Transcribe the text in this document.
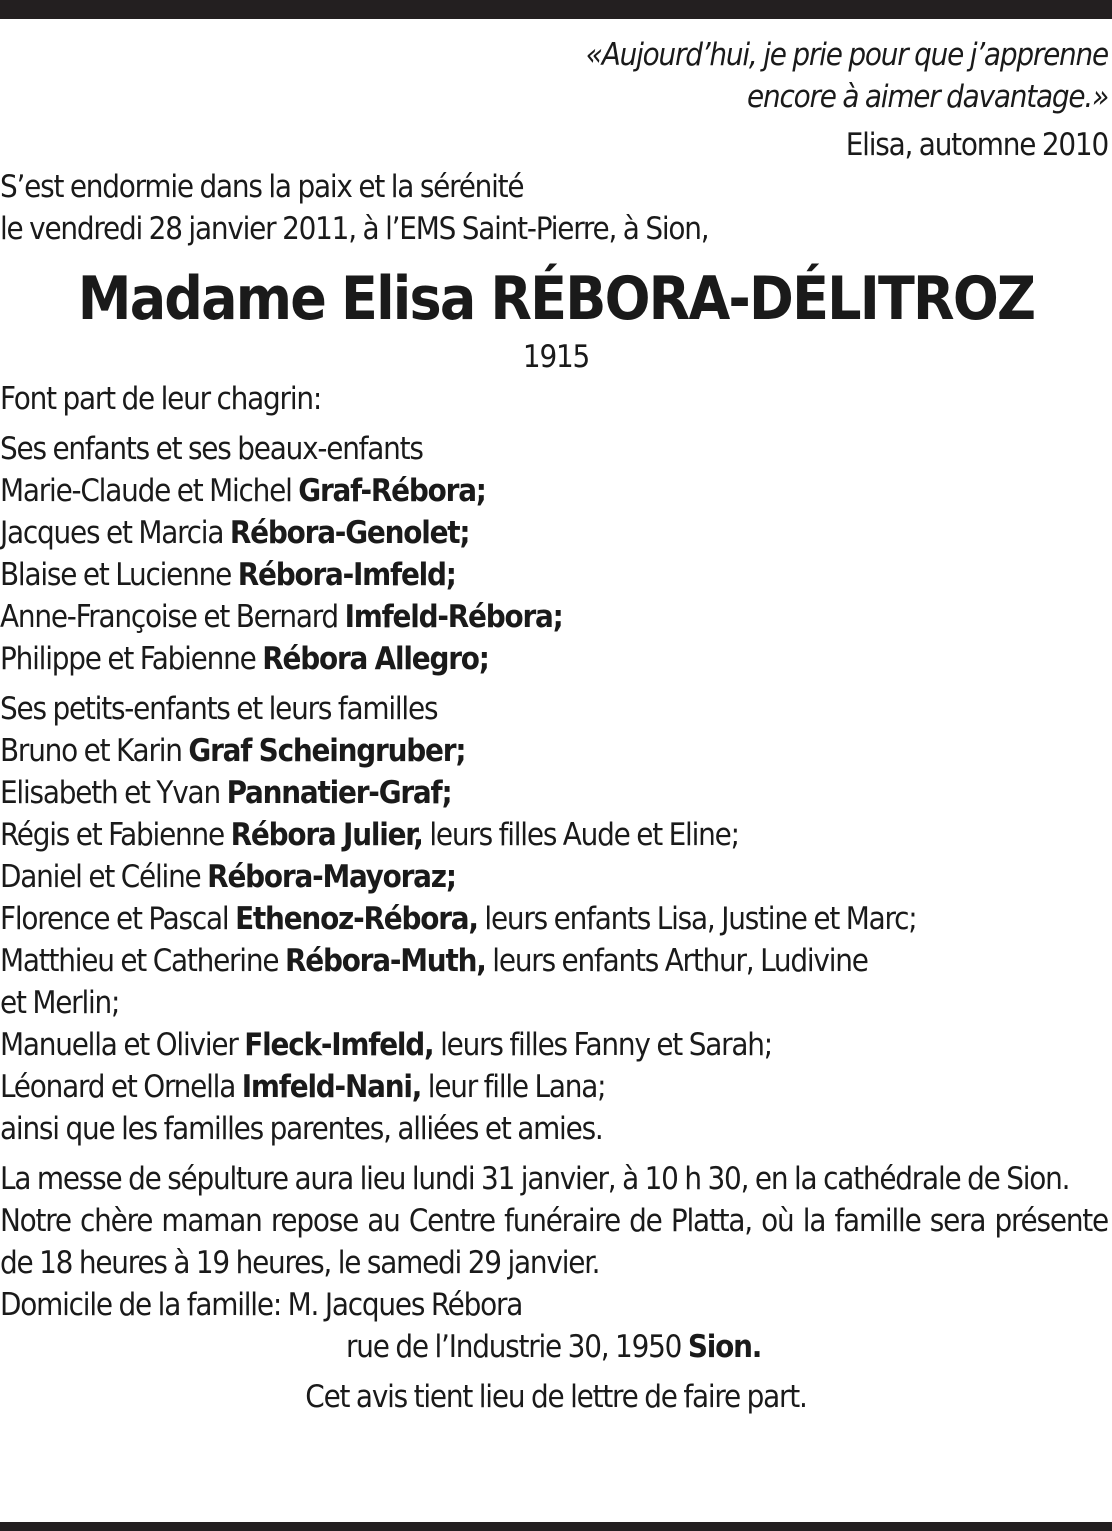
«Aujourd’hui, je prie pour que j’apprenne
encore à aimer davantage.»
Elisa, automne 2010
S’est endormie dans la paix et la sérénité
le vendredi 28 janvier 2011, à l’EMS Saint-Pierre, à Sion,
Madame Elisa RÉBORA-DÉLITROZ
1915
Font part de leur chagrin:
Ses enfants et ses beaux-enfants
Marie-Claude et Michel Graf-Rébora;
Jacques et Marcia Rébora-Genolet;
Blaise et Lucienne Rébora-Imfeld;
Anne-Françoise et Bernard Imfeld-Rébora;
Philippe et Fabienne Rébora Allegro;
Ses petits-enfants et leurs familles
Bruno et Karin Graf Scheingruber;
Elisabeth et Yvan Pannatier-Graf;
Régis et Fabienne Rébora Julier, leurs filles Aude et Eline;
Daniel et Céline Rébora-Mayoraz;
Florence et Pascal Ethenoz-Rébora, leurs enfants Lisa, Justine et Marc;
Matthieu et Catherine Rébora-Muth, leurs enfants Arthur, Ludivine
et Merlin;
Manuella et Olivier Fleck-Imfeld, leurs filles Fanny et Sarah;
Léonard et Ornella Imfeld-Nani, leur fille Lana;
ainsi que les familles parentes, alliées et amies.
La messe de sépulture aura lieu lundi 31 janvier, à 10 h 30, en la cathédrale de Sion.
Notre chère maman repose au Centre funéraire de Platta, où la famille sera présente de 18 heures à 19 heures, le samedi 29 janvier.
Domicile de la famille: M. Jacques Rébora
rue de l’Industrie 30, 1950 Sion.
Cet avis tient lieu de lettre de faire part.
